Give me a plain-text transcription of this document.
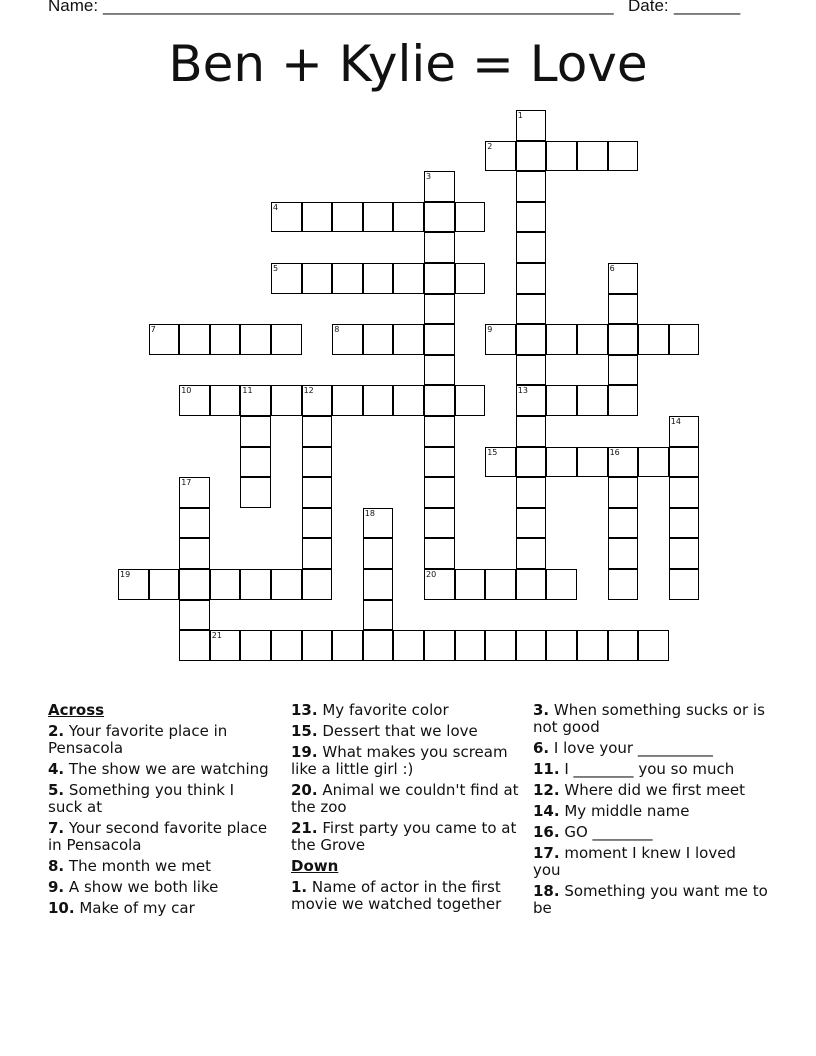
Name: ______________________________________________________ Date: _______
Ben + Kylie = Love
1
13
3
6
11	12
14
16
17
18
2
4
5
7	8	9
10
15
19	20
21
Across
2. Your favorite place in Pensacola
4. The show we are watching
5. Something you think I suck at
7. Your second favorite place in Pensacola
8. The month we met
9. A show we both like
10. Make of my car
13. My favorite color
15. Dessert that we love
19. What makes you scream like a little girl :)
20. Animal we couldn't find at the zoo
21. First party you came to at the Grove
Down
1. Name of actor in the first movie we watched together
3. When something sucks or is not good
6. I love your __________
11. I ________ you so much
12. Where did we first meet
14. My middle name
16. GO ________
17. moment I knew I loved you
18. Something you want me to be
